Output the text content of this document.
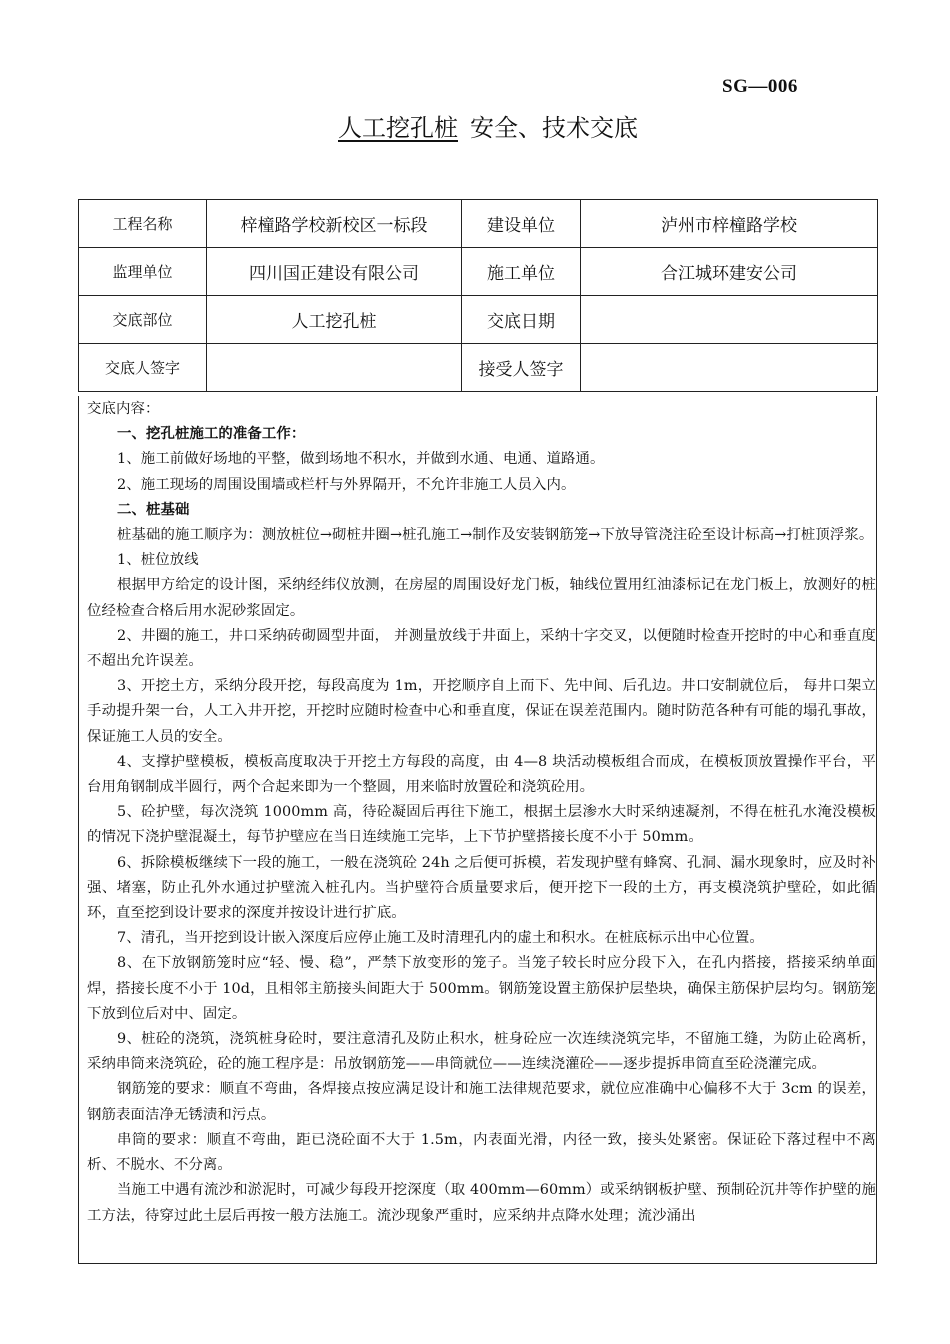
SG—006
人工挖孔桩 安全、技术交底
工程名称	梓橦路学校新校区一标段	建设单位	泸州市梓橦路学校
监理单位	四川国正建设有限公司	施工单位	合江城环建安公司
交底部位	人工挖孔桩	交底日期	
交底人签字		接受人签字	

交底内容：

一、挖孔桩施工的准备工作：

1、施工前做好场地的平整，做到场地不积水，并做到水通、电通、道路通。

2、施工现场的周围设围墙或栏杆与外界隔开，不允许非施工人员入内。

二、桩基础

桩基础的施工顺序为：测放桩位→砌桩井圈→桩孔施工→制作及安装钢筋笼→下放导管浇注砼至设计标高→打桩顶浮浆。

1、桩位放线

根据甲方给定的设计图，采纳经纬仪放测，在房屋的周围设好龙门板，轴线位置用红油漆标记在龙门板上，放测好的桩位经检查合格后用水泥砂浆固定。

2、井圈的施工，井口采纳砖砌圆型井面， 并测量放线于井面上，采纳十字交叉，以便随时检查开挖时的中心和垂直度不超出允许误差。

3、开挖土方，采纳分段开挖，每段高度为 1m，开挖顺序自上而下、先中间、后孔边。井口安制就位后， 每井口架立手动提升架一台，人工入井开挖，开挖时应随时检查中心和垂直度，保证在误差范围内。随时防范各种有可能的塌孔事故，保证施工人员的安全。

4、支撑护壁模板，模板高度取决于开挖土方每段的高度，由 4—8 块活动模板组合而成，在模板顶放置操作平台，平台用角钢制成半圆行，两个合起来即为一个整圆，用来临时放置砼和浇筑砼用。

5、砼护壁，每次浇筑 1000mm 高，待砼凝固后再往下施工，根据土层渗水大时采纳速凝剂，不得在桩孔水淹没模板的情况下浇护壁混凝土，每节护壁应在当日连续施工完毕，上下节护壁搭接长度不小于 50mm。

6、拆除模板继续下一段的施工，一般在浇筑砼 24h 之后便可拆模，若发现护壁有蜂窝、孔洞、漏水现象时，应及时补强、堵塞，防止孔外水通过护壁流入桩孔内。当护壁符合质量要求后，便开挖下一段的土方，再支模浇筑护壁砼，如此循环，直至挖到设计要求的深度并按设计进行扩底。

7、清孔，当开挖到设计嵌入深度后应停止施工及时清理孔内的虚土和积水。在桩底标示出中心位置。

8、在下放钢筋笼时应“轻、慢、稳”，严禁下放变形的笼子。当笼子较长时应分段下入，在孔内搭接，搭接采纳单面焊，搭接长度不小于 10d，且相邻主筋接头间距大于 500mm。钢筋笼设置主筋保护层垫块，确保主筋保护层均匀。钢筋笼下放到位后对中、固定。

9、桩砼的浇筑，浇筑桩身砼时，要注意清孔及防止积水，桩身砼应一次连续浇筑完毕，不留施工缝，为防止砼离析，采纳串筒来浇筑砼，砼的施工程序是：吊放钢筋笼——串筒就位——连续浇灌砼——逐步提拆串筒直至砼浇灌完成。

钢筋笼的要求：顺直不弯曲，各焊接点按应满足设计和施工法律规范要求，就位应准确中心偏移不大于 3cm 的误差，钢筋表面洁净无锈渍和污点。

串筒的要求：顺直不弯曲，距已浇砼面不大于 1.5m，内表面光滑，内径一致，接头处紧密。保证砼下落过程中不离析、不脱水、不分离。

当施工中遇有流沙和淤泥时，可减少每段开挖深度（取 400mm—60mm）或采纳钢板护壁、预制砼沉井等作护壁的施工方法，待穿过此土层后再按一般方法施工。流沙现象严重时，应采纳井点降水处理；流沙涌出
